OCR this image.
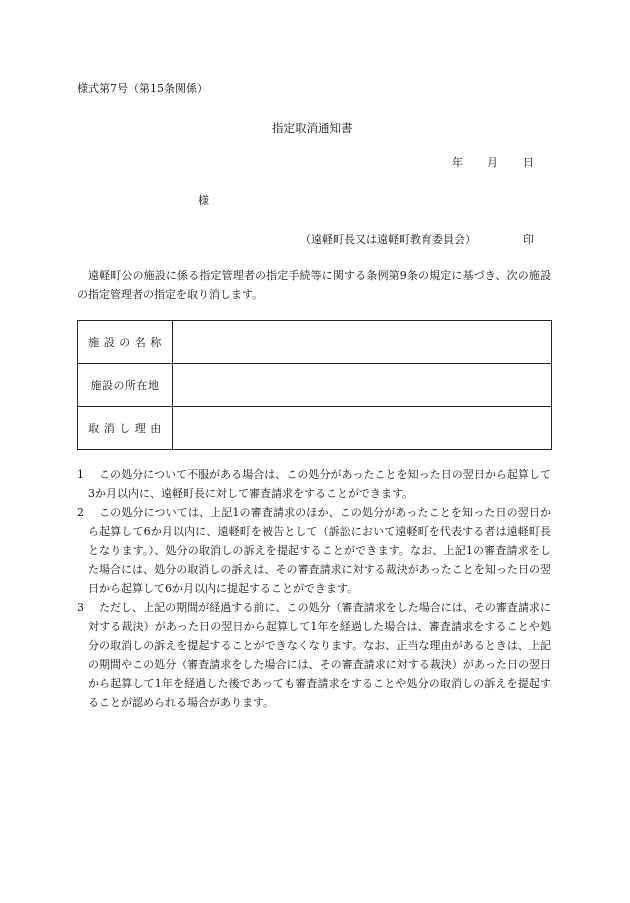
様式第7号（第15条関係）
指定取消通知書
年 月 日
様
（遠軽町長又は遠軽町教育委員会）	印
遠軽町公の施設に係る指定管理者の指定手続等に関する条例第9条の規定に基づき、次の施設の指定管理者の指定を取り消します。
施 設 の 名 称	
施設の所在地	
取 消 し 理 由	
1	この処分について不服がある場合は、この処分があったことを知った日の翌日から起算して3か月以内に、遠軽町長に対して審査請求をすることができます。
2	この処分については、上記1の審査請求のほか、この処分があったことを知った日の翌日から起算して6か月以内に、遠軽町を被告として（訴訟において遠軽町を代表する者は遠軽町長となります。）、処分の取消しの訴えを提起することができます。なお、上記1の審査請求をした場合には、処分の取消しの訴えは、その審査請求に対する裁決があったことを知った日の翌日から起算して6か月以内に提起することができます。
3	ただし、上記の期間が経過する前に、この処分（審査請求をした場合には、その審査請求に対する裁決）があった日の翌日から起算して1年を経過した場合は、審査請求をすることや処分の取消しの訴えを提起することができなくなります。なお、正当な理由があるときは、上記の期間やこの処分（審査請求をした場合には、その審査請求に対する裁決）があった日の翌日から起算して1年を経過した後であっても審査請求をすることや処分の取消しの訴えを提起することが認められる場合があります。
